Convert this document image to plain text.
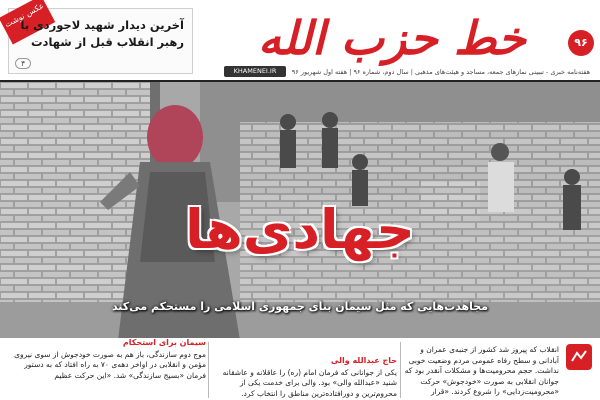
عکس نوشت
آخرین دیدار شهید لاجوردی با رهبر انقلاب قبل از شهادت
۴	خط حزب الله	۹۶
KHAMENEI.IR	هفته‌نامه خبری - تبیینی نمازهای جمعه، مساجد و هیئت‌های مذهبی | سال دوم، شماره ۹۶ | هفته اول شهریور ۹۶
جهادی‌ها
مجاهدت‌هایی که مثل سیمان بنای جمهوری اسلامی را مستحکم می‌کند
انقلاب که پیروز شد کشور از جنبه‌ی عمران و آبادانی و سطح رفاه عمومی مردم وضعیت خوبی نداشت. حجم محرومیت‌ها و مشکلات آنقدر بود که جوانان انقلابی به صورت «خودجوش» حرکت «محرومیت‌زدایی» را شروع کردند. «قرار
حاج عبدالله والی
یکی از جوانانی که فرمان امام (ره) را عاقلانه و عاشقانه شنید «عبدالله والی» بود. والی برای خدمت یکی از محروم‌ترین و دورافتاده‌ترین مناطق را انتخاب کرد.
سیمان برای استحکام
موج دوم سازندگی، باز هم به صورت خودجوش از سوی نیروی مؤمن و انقلابی در اواخر دهه‌ی ۷۰ به راه افتاد که به دستور فرمان «بسیج سازندگی» شد. «این حرکت عظیم
